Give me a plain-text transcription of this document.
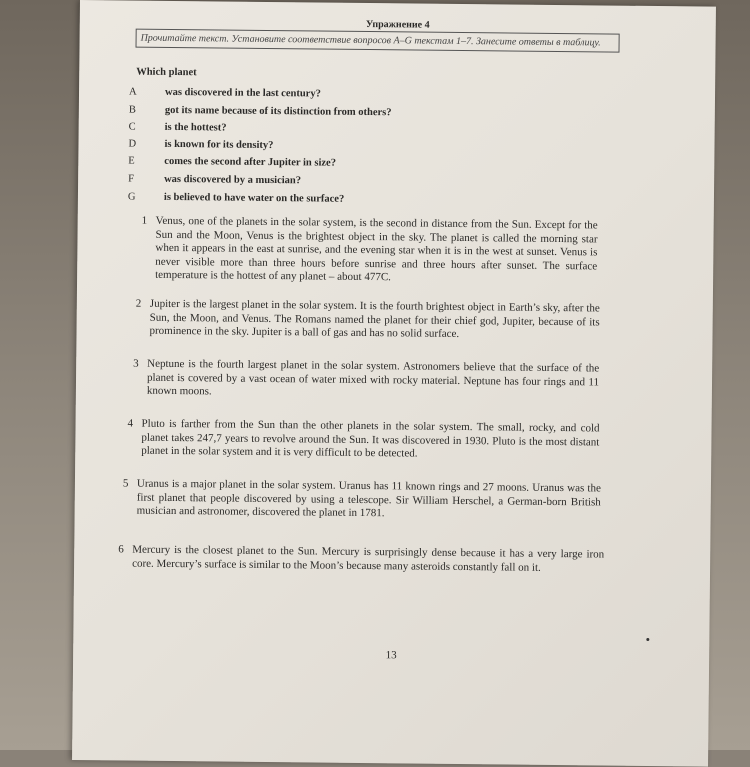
Упражнение 4
Прочитайте текст. Установите соответствие вопросов А–G текстам 1–7. Занесите ответы в таблицу.
Which planet
A	was discovered in the last century?
B	got its name because of its distinction from others?
C	is the hottest?
D	is known for its density?
E	comes the second after Jupiter in size?
F	was discovered by a musician?
G	is believed to have water on the surface?
1 Venus, one of the planets in the solar system, is the second in distance from the Sun. Except for the Sun and the Moon, Venus is the brightest object in the sky. The planet is called the morning star when it appears in the east at sunrise, and the evening star when it is in the west at sunset. Venus is never visible more than three hours before sunrise and three hours after sunset. The surface temperature is the hottest of any planet – about 477C.
2 Jupiter is the largest planet in the solar system. It is the fourth brightest object in Earth’s sky, after the Sun, the Moon, and Venus. The Romans named the planet for their chief god, Jupiter, because of its prominence in the sky. Jupiter is a ball of gas and has no solid surface.
3 Neptune is the fourth largest planet in the solar system. Astronomers believe that the surface of the planet is covered by a vast ocean of water mixed with rocky material. Neptune has four rings and 11 known moons.
4 Pluto is farther from the Sun than the other planets in the solar system. The small, rocky, and cold planet takes 247,7 years to revolve around the Sun. It was discovered in 1930. Pluto is the most distant planet in the solar system and it is very difficult to be detected.
5 Uranus is a major planet in the solar system. Uranus has 11 known rings and 27 moons. Uranus was the first planet that people discovered by using a telescope. Sir William Herschel, a German-born British musician and astronomer, discovered the planet in 1781.
6 Mercury is the closest planet to the Sun. Mercury is surprisingly dense because it has a very large iron core. Mercury’s surface is similar to the Moon’s because many asteroids constantly fall on it.
13
